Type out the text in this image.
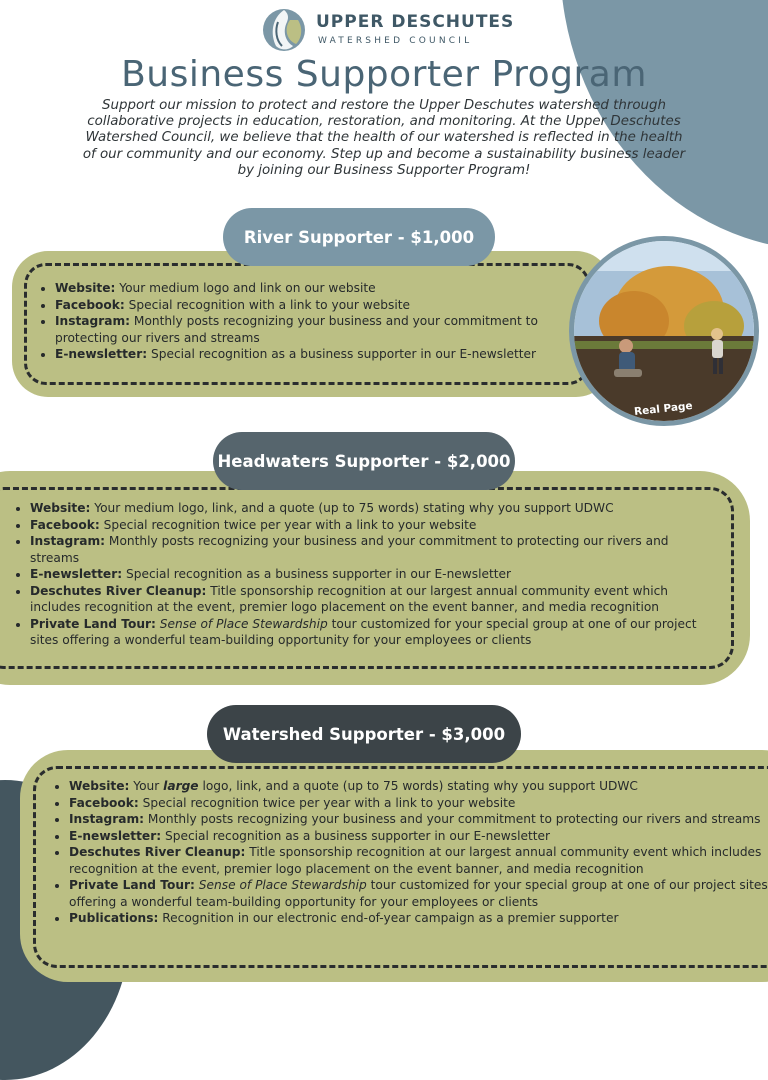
UPPER DESCHUTES
WATERSHED COUNCIL
Business Supporter Program
Support our mission to protect and restore the Upper Deschutes watershed through collaborative projects in education, restoration, and monitoring. At the Upper Deschutes Watershed Council, we believe that the health of our watershed is reflected in the health of our community and our economy. Step up and become a sustainability business leader by joining our Business Supporter Program!
• Website: Your medium logo and link on our website
• Facebook: Special recognition with a link to your website
• Instagram: Monthly posts recognizing your business and your commitment to protecting our rivers and streams
• E-newsletter: Special recognition as a business supporter in our E-newsletter
River Supporter - $1,000
Real Page
• Website: Your medium logo, link, and a quote (up to 75 words) stating why you support UDWC
• Facebook: Special recognition twice per year with a link to your website
• Instagram: Monthly posts recognizing your business and your commitment to protecting our rivers and streams
• E-newsletter: Special recognition as a business supporter in our E-newsletter
• Deschutes River Cleanup: Title sponsorship recognition at our largest annual community event which includes recognition at the event, premier logo placement on the event banner, and media recognition
• Private Land Tour: Sense of Place Stewardship tour customized for your special group at one of our project sites offering a wonderful team-building opportunity for your employees or clients
Headwaters Supporter - $2,000
• Website: Your large logo, link, and a quote (up to 75 words) stating why you support UDWC
• Facebook: Special recognition twice per year with a link to your website
• Instagram: Monthly posts recognizing your business and your commitment to protecting our rivers and streams
• E-newsletter: Special recognition as a business supporter in our E-newsletter
• Deschutes River Cleanup: Title sponsorship recognition at our largest annual community event which includes recognition at the event, premier logo placement on the event banner, and media recognition
• Private Land Tour: Sense of Place Stewardship tour customized for your special group at one of our project sites offering a wonderful team-building opportunity for your employees or clients
• Publications: Recognition in our electronic end-of-year campaign as a premier supporter
Watershed Supporter - $3,000
